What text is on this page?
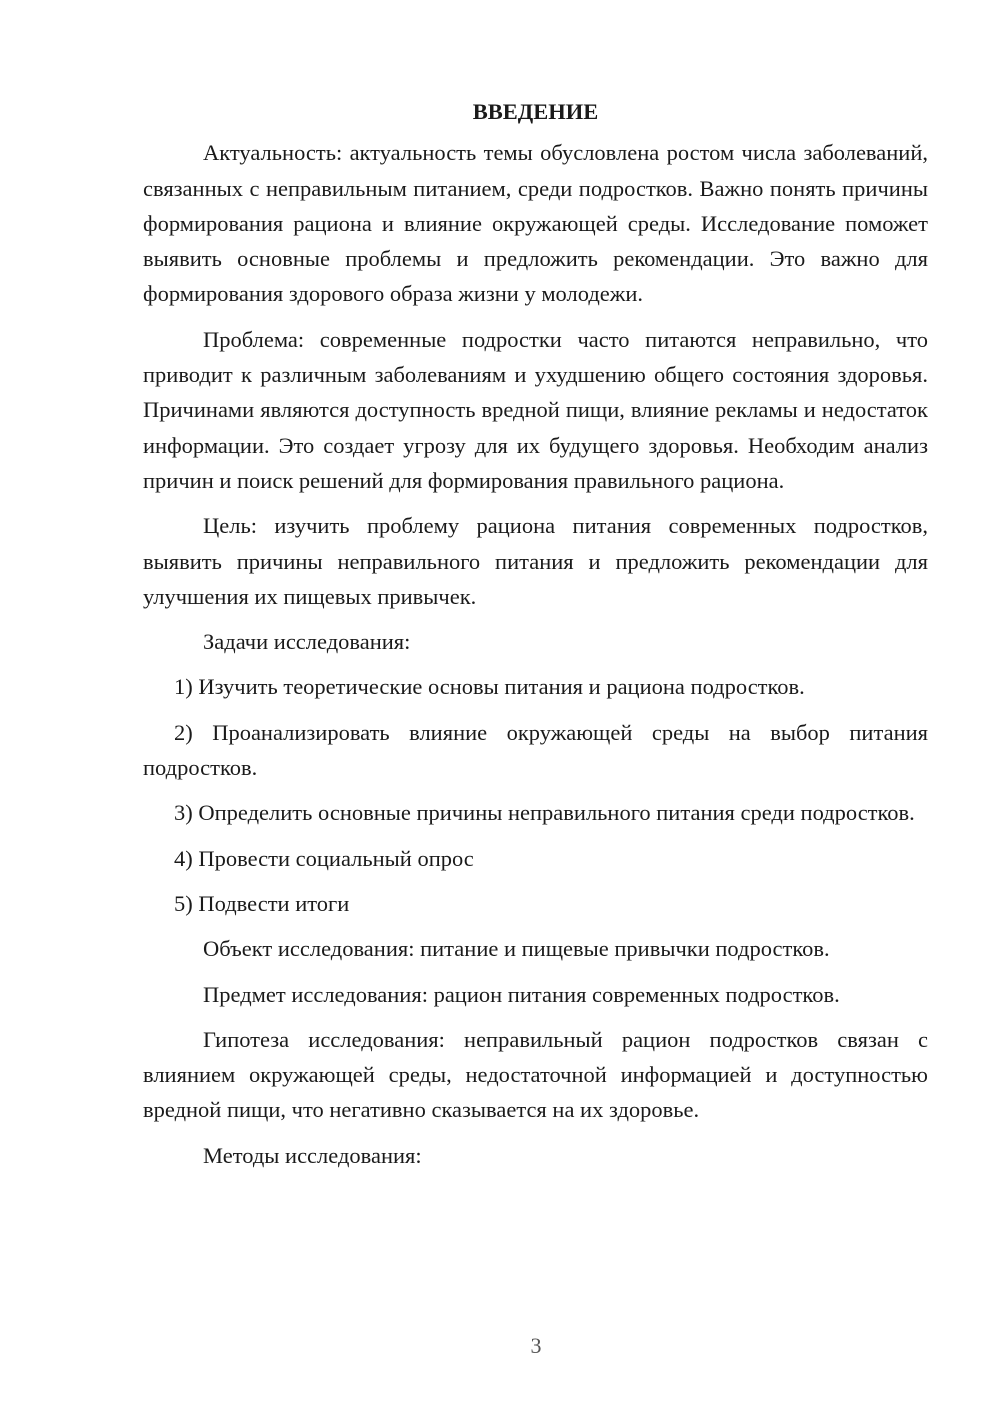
ВВЕДЕНИЕ

Актуальность: актуальность темы обусловлена ростом числа заболеваний, связанных с неправильным питанием, среди подростков. Важно понять причины формирования рациона и влияние окружающей среды. Исследование поможет выявить основные проблемы и предложить рекомендации. Это важно для формирования здорового образа жизни у молодежи.

Проблема: современные подростки часто питаются неправильно, что приводит к различным заболеваниям и ухудшению общего состояния здоровья. Причинами являются доступность вредной пищи, влияние рекламы и недостаток информации. Это создает угрозу для их будущего здоровья. Необходим анализ причин и поиск решений для формирования правильного рациона.

Цель: изучить проблему рациона питания современных подростков, выявить причины неправильного питания и предложить рекомендации для улучшения их пищевых привычек.

Задачи исследования:

1) Изучить теоретические основы питания и рациона подростков.

2) Проанализировать влияние окружающей среды на выбор питания подростков.

3) Определить основные причины неправильного питания среди подростков.

4) Провести социальный опрос

5) Подвести итоги

Объект исследования: питание и пищевые привычки подростков.

Предмет исследования: рацион питания современных подростков.

Гипотеза исследования: неправильный рацион подростков связан с влиянием окружающей среды, недостаточной информацией и доступностью вредной пищи, что негативно сказывается на их здоровье.

Методы исследования:

3
